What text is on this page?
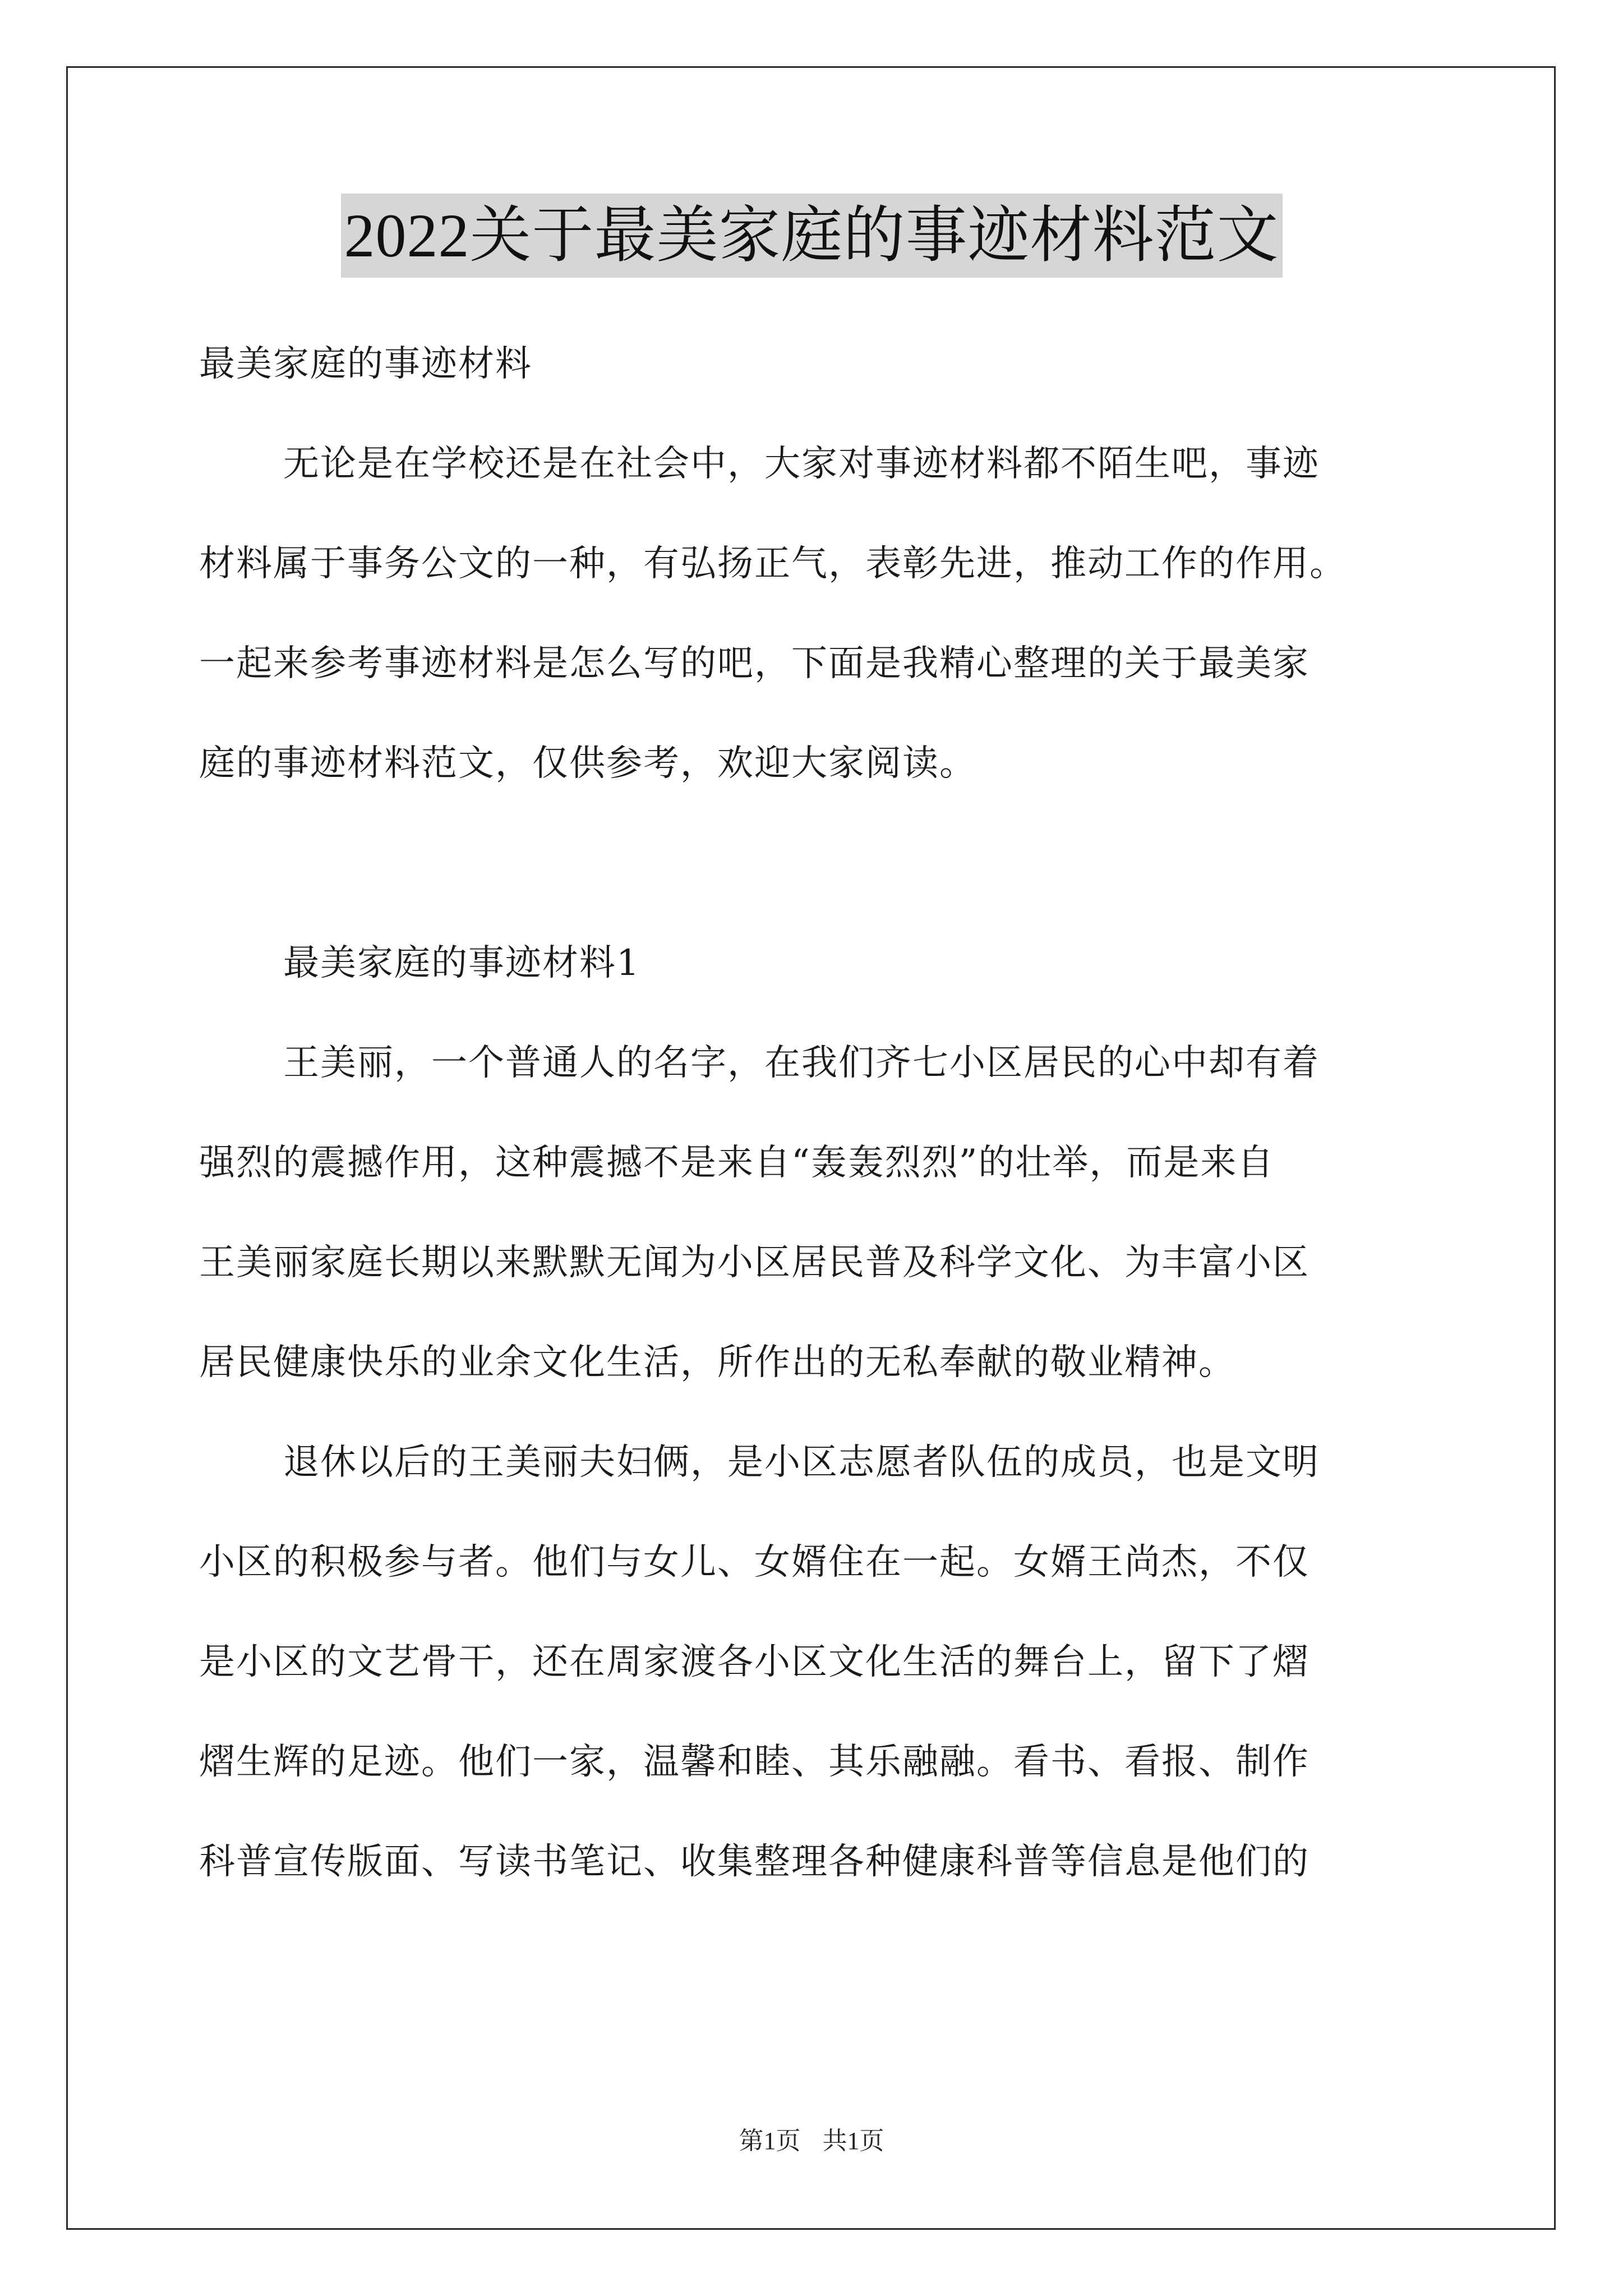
2022关于最美家庭的事迹材料范文
最美家庭的事迹材料
无论是在学校还是在社会中，大家对事迹材料都不陌生吧，事迹
材料属于事务公文的一种，有弘扬正气，表彰先进，推动工作的作用。
一起来参考事迹材料是怎么写的吧，下面是我精心整理的关于最美家
庭的事迹材料范文，仅供参考，欢迎大家阅读。
最美家庭的事迹材料1
王美丽，一个普通人的名字，在我们齐七小区居民的心中却有着
强烈的震撼作用，这种震撼不是来自“轰轰烈烈”的壮举，而是来自
王美丽家庭长期以来默默无闻为小区居民普及科学文化、为丰富小区
居民健康快乐的业余文化生活，所作出的无私奉献的敬业精神。
退休以后的王美丽夫妇俩，是小区志愿者队伍的成员，也是文明
小区的积极参与者。他们与女儿、女婿住在一起。女婿王尚杰，不仅
是小区的文艺骨干，还在周家渡各小区文化生活的舞台上，留下了熠
熠生辉的足迹。他们一家，温馨和睦、其乐融融。看书、看报、制作
科普宣传版面、写读书笔记、收集整理各种健康科普等信息是他们的
第1页 共1页
